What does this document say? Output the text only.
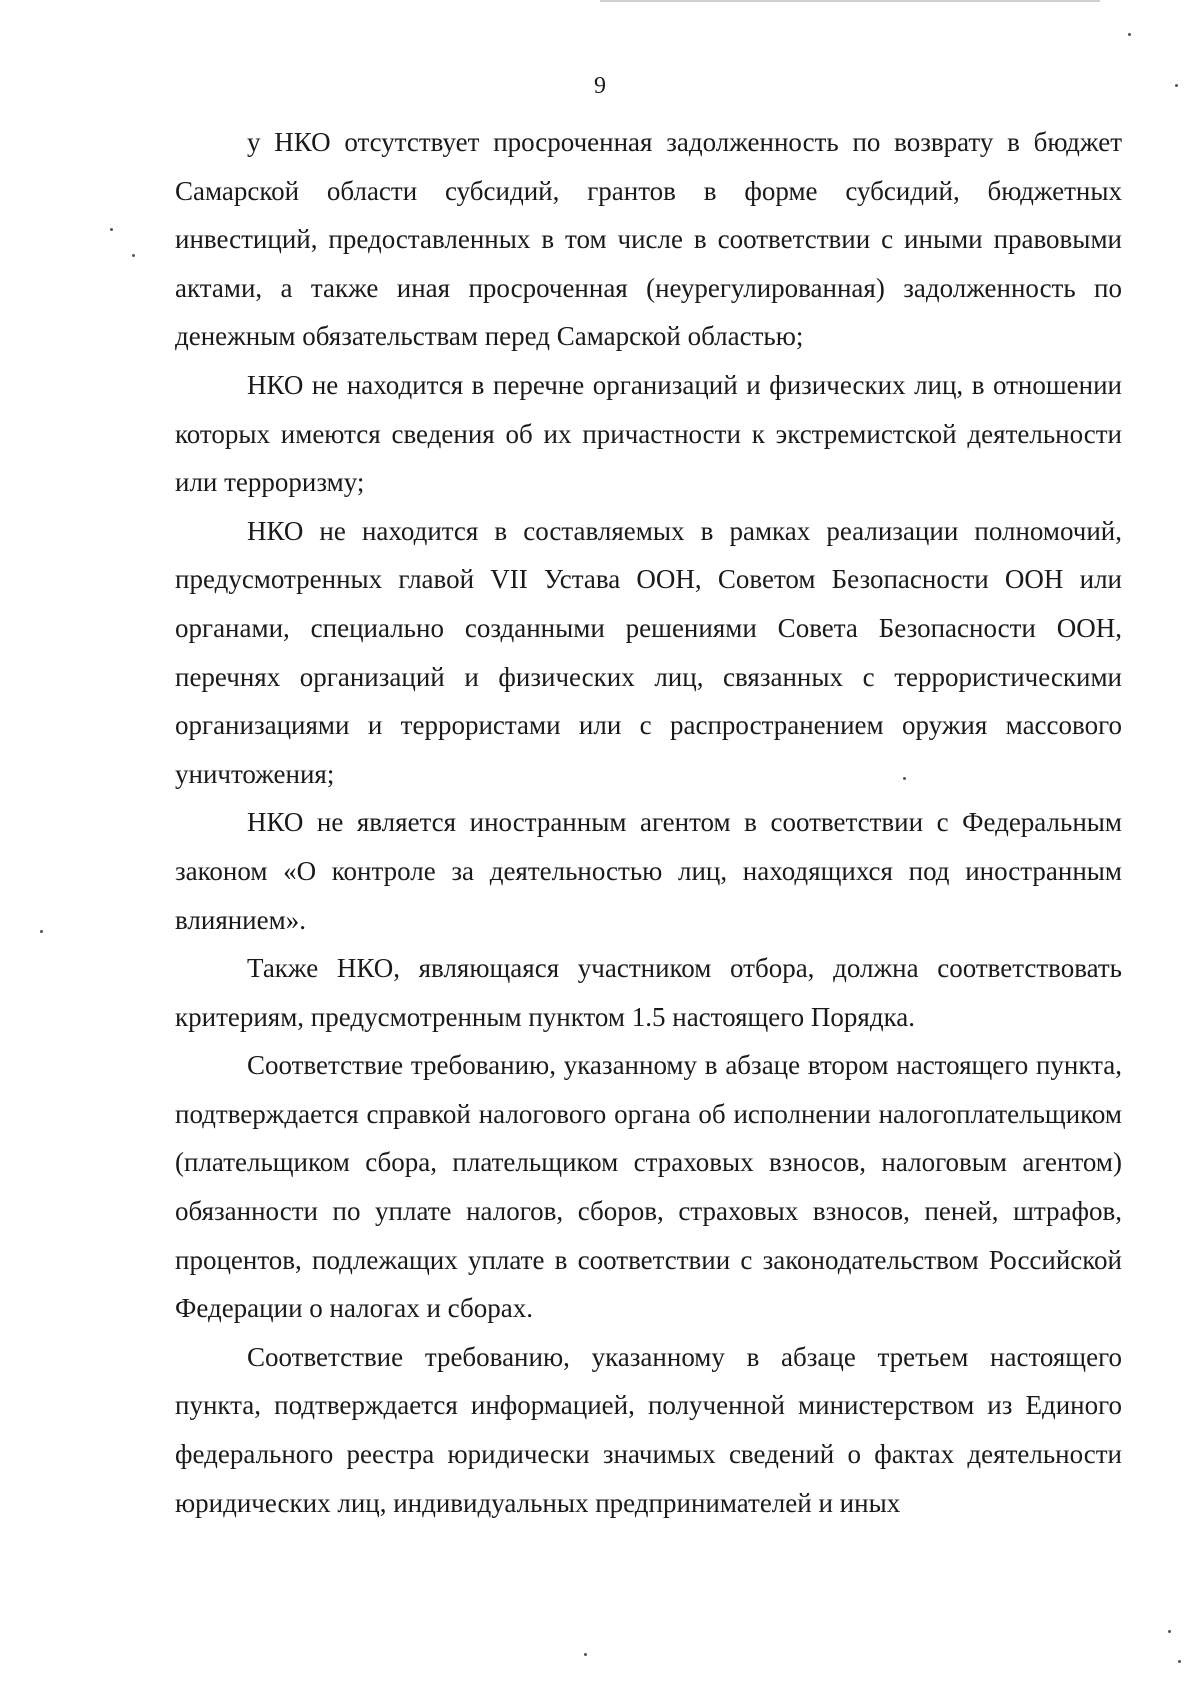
9

у НКО отсутствует просроченная задолженность по возврату в бюджет Самарской области субсидий, грантов в форме субсидий, бюджетных инвестиций, предоставленных в том числе в соответствии с иными правовыми актами, а также иная просроченная (неурегулированная) задолженность по денежным обязательствам перед Самарской областью;

НКО не находится в перечне организаций и физических лиц, в отношении которых имеются сведения об их причастности к экстремистской деятельности или терроризму;

НКО не находится в составляемых в рамках реализации полномочий, предусмотренных главой VII Устава ООН, Советом Безопасности ООН или органами, специально созданными решениями Совета Безопасности ООН, перечнях организаций и физических лиц, связанных с террористическими организациями и террористами или с распространением оружия массового уничтожения;

НКО не является иностранным агентом в соответствии с Федеральным законом «О контроле за деятельностью лиц, находящихся под иностранным влиянием».

Также НКО, являющаяся участником отбора, должна соответствовать критериям, предусмотренным пунктом 1.5 настоящего Порядка.

Соответствие требованию, указанному в абзаце втором настоящего пункта, подтверждается справкой налогового органа об исполнении налогоплательщиком (плательщиком сбора, плательщиком страховых взносов, налоговым агентом) обязанности по уплате налогов, сборов, страховых взносов, пеней, штрафов, процентов, подлежащих уплате в соответствии с законодательством Российской Федерации о налогах и сборах.

Соответствие требованию, указанному в абзаце третьем настоящего пункта, подтверждается информацией, полученной министерством из Единого федерального реестра юридически значимых сведений о фактах деятельности юридических лиц, индивидуальных предпринимателей и иных
